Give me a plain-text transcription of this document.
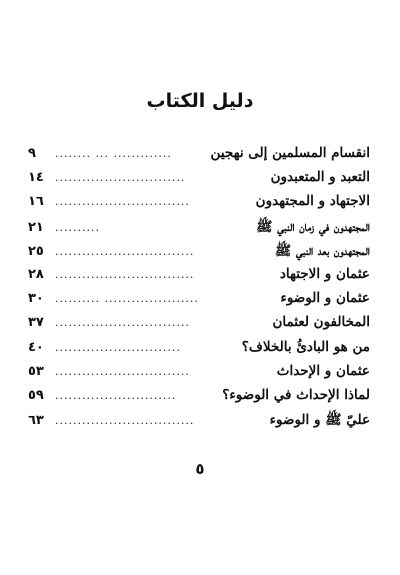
دليل الكتاب
انقسام المسلمين إلى نهجين
........ ... .............
٩
التعبد و المتعبدون
.............................
١٤
الاجتهاد و المجتهدون
..............................
١٦
المجتهدون في زمان النبي ﷺ
..........
٢١
المجتهدون بعد النبي ﷺ
...............................
٢٥
عثمان و الاجتهاد
...............................
٢٨
عثمان و الوضوء
.......... .....................
٣٠
المخالفون لعثمان
..............................
٣٧
من هو البادئُ بالخلاف؟
............................
٤٠
عثمان و الإحداث
..............................
٥٣
لماذا الإحداث في الوضوء؟
...........................
٥٩
عليّ ﷺ و الوضوء
...............................
٦٣
٥
